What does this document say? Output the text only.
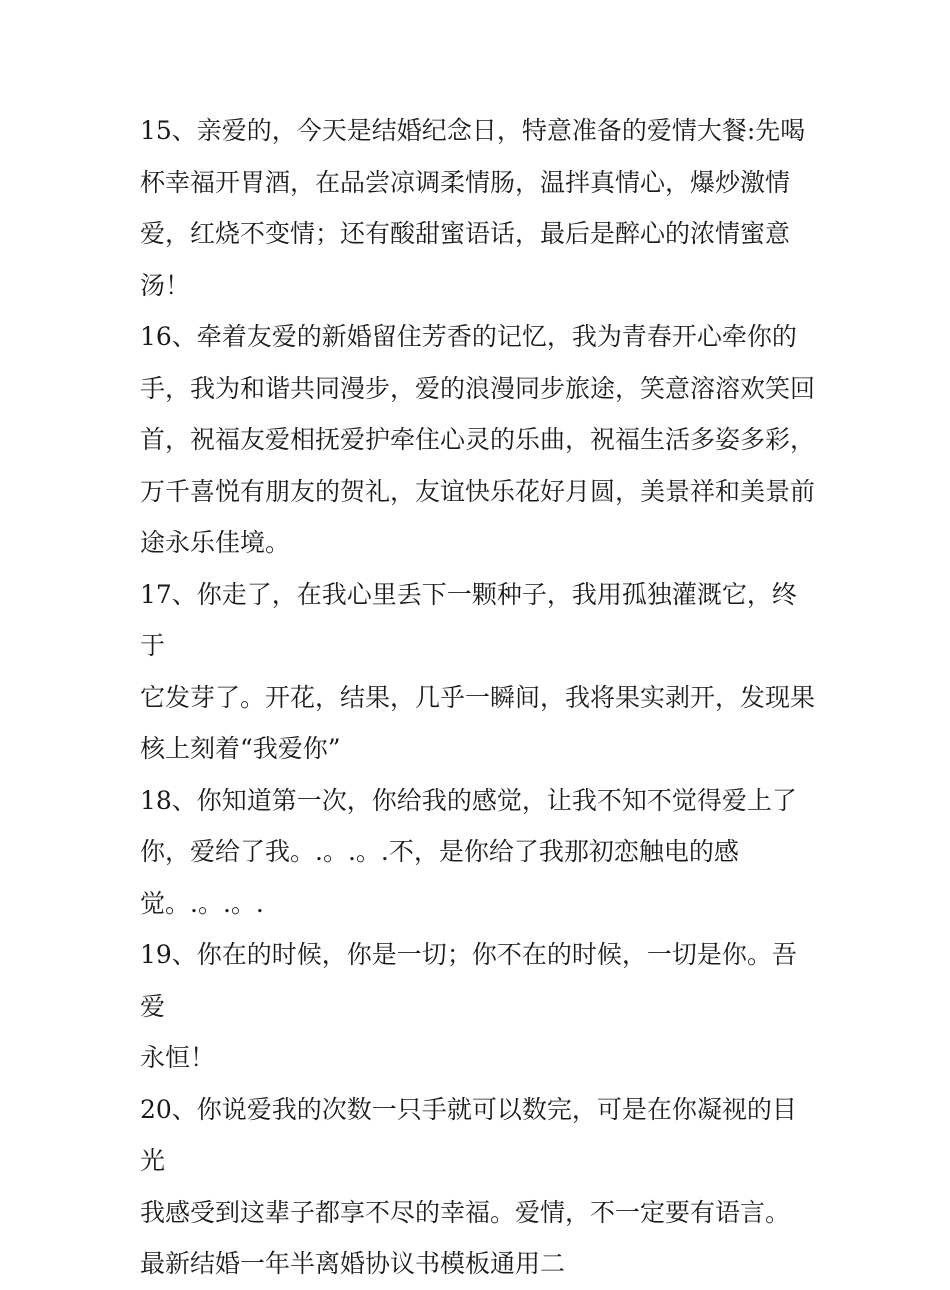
15、亲爱的，今天是结婚纪念日，特意准备的爱情大餐:先喝
杯幸福开胃酒，在品尝凉调柔情肠，温拌真情心，爆炒激情
爱，红烧不变情；还有酸甜蜜语话，最后是醉心的浓情蜜意
汤！

16、牵着友爱的新婚留住芳香的记忆，我为青春开心牵你的
手，我为和谐共同漫步，爱的浪漫同步旅途，笑意溶溶欢笑回
首，祝福友爱相抚爱护牵住心灵的乐曲，祝福生活多姿多彩，
万千喜悦有朋友的贺礼，友谊快乐花好月圆，美景祥和美景前
途永乐佳境。

17、你走了，在我心里丢下一颗种子，我用孤独灌溉它，终于
它发芽了。开花，结果，几乎一瞬间，我将果实剥开，发现果
核上刻着“我爱你”

18、你知道第一次，你给我的感觉，让我不知不觉得爱上了
你，爱给了我。.。.。.不，是你给了我那初恋触电的感
觉。.。.。.

19、你在的时候，你是一切；你不在的时候，一切是你。吾爱
永恒！

20、你说爱我的次数一只手就可以数完，可是在你凝视的目光
我感受到这辈子都享不尽的幸福。爱情，不一定要有语言。

最新结婚一年半离婚协议书模板通用二
